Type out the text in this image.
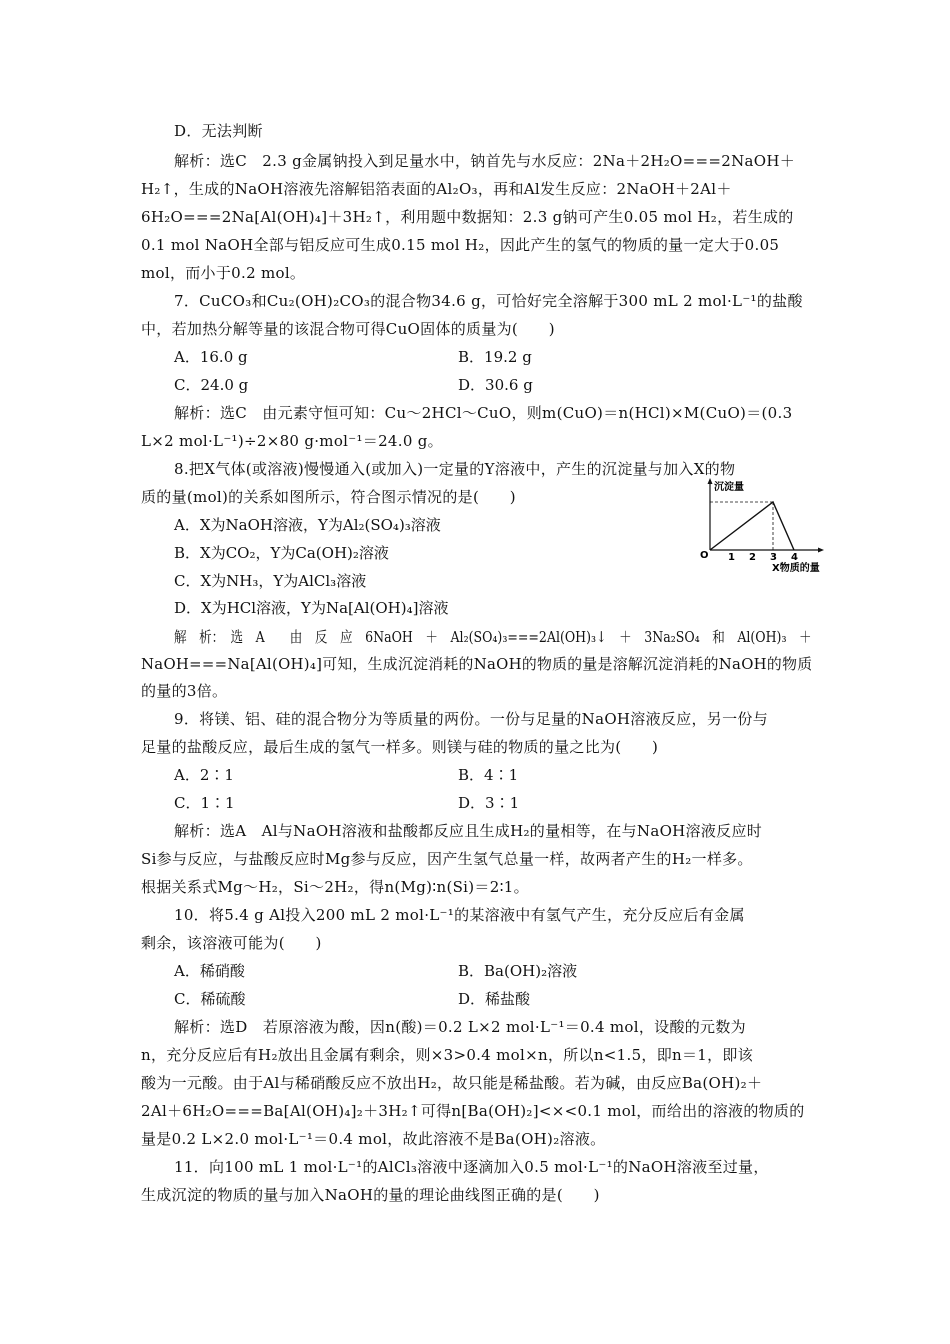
D．无法判断
解析：选C　2.3 g金属钠投入到足量水中，钠首先与水反应：2Na＋2H₂O===2NaOH＋
H₂↑，生成的NaOH溶液先溶解铝箔表面的Al₂O₃，再和Al发生反应：2NaOH＋2Al＋
6H₂O===2Na[Al(OH)₄]＋3H₂↑，利用题中数据知：2.3 g钠可产生0.05 mol H₂，若生成的
0.1 mol NaOH全部与铝反应可生成0.15 mol H₂，因此产生的氢气的物质的量一定大于0.05
mol，而小于0.2 mol。
7．CuCO₃和Cu₂(OH)₂CO₃的混合物34.6 g，可恰好完全溶解于300 mL 2 mol·L⁻¹的盐酸
中，若加热分解等量的该混合物可得CuO固体的质量为(　　)
A．16.0 g	B．19.2 g
C．24.0 g	D．30.6 g
解析：选C　由元素守恒可知：Cu～2HCl～CuO，则m(CuO)＝n(HCl)×M(CuO)＝(0.3
L×2 mol·L⁻¹)÷2×80 g·mol⁻¹＝24.0 g。
8.把X气体(或溶液)慢慢通入(或加入)一定量的Y溶液中，产生的沉淀量与加入X的物
质的量(mol)的关系如图所示，符合图示情况的是(　　)
A．X为NaOH溶液，Y为Al₂(SO₄)₃溶液
B．X为CO₂，Y为Ca(OH)₂溶液
C．X为NH₃，Y为AlCl₃溶液
D．X为HCl溶液，Y为Na[Al(OH)₄]溶液
沉淀量
O 1 2 3 4
X物质的量
解　析：　选　A　　由　反　应　6NaOH　＋　Al₂(SO₄)₃===2Al(OH)₃↓　＋　3Na₂SO₄　和　Al(OH)₃　＋
NaOH===Na[Al(OH)₄]可知，生成沉淀消耗的NaOH的物质的量是溶解沉淀消耗的NaOH的物质
的量的3倍。
9．将镁、铝、硅的混合物分为等质量的两份。一份与足量的NaOH溶液反应，另一份与
足量的盐酸反应，最后生成的氢气一样多。则镁与硅的物质的量之比为(　　)
A．2∶1	B．4∶1
C．1∶1	D．3∶1
解析：选A　Al与NaOH溶液和盐酸都反应且生成H₂的量相等，在与NaOH溶液反应时
Si参与反应，与盐酸反应时Mg参与反应，因产生氢气总量一样，故两者产生的H₂一样多。
根据关系式Mg～H₂，Si～2H₂，得n(Mg)∶n(Si)＝2∶1。
10．将5.4 g Al投入200 mL 2 mol·L⁻¹的某溶液中有氢气产生，充分反应后有金属
剩余，该溶液可能为(　　)
A．稀硝酸	B．Ba(OH)₂溶液
C．稀硫酸	D．稀盐酸
解析：选D　若原溶液为酸，因n(酸)＝0.2 L×2 mol·L⁻¹＝0.4 mol，设酸的元数为
n，充分反应后有H₂放出且金属有剩余，则×3>0.4 mol×n，所以n<1.5，即n＝1，即该
酸为一元酸。由于Al与稀硝酸反应不放出H₂，故只能是稀盐酸。若为碱，由反应Ba(OH)₂＋
2Al＋6H₂O===Ba[Al(OH)₄]₂＋3H₂↑可得n[Ba(OH)₂]<×<0.1 mol，而给出的溶液的物质的
量是0.2 L×2.0 mol·L⁻¹＝0.4 mol，故此溶液不是Ba(OH)₂溶液。
11．向100 mL 1 mol·L⁻¹的AlCl₃溶液中逐滴加入0.5 mol·L⁻¹的NaOH溶液至过量，
生成沉淀的物质的量与加入NaOH的量的理论曲线图正确的是(　　)
